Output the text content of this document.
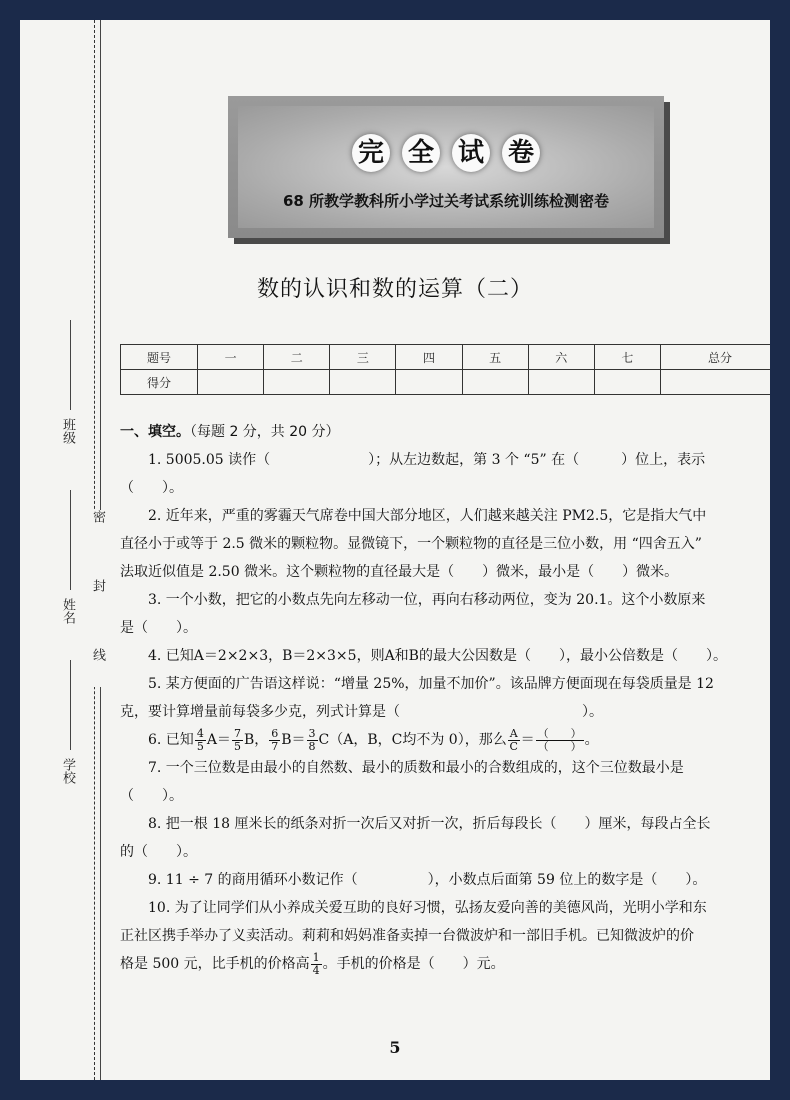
班级
姓名
学校
密 封 线
完 全 试 卷
68 所教学教科所小学过关考试系统训练检测密卷
数的认识和数的运算（二）
题号	一	二	三	四	五	六	七	总分
得分								
一、填空。（每题 2 分，共 20 分）
1. 5005.05 读作（　　　　　　　）；从左边数起，第 3 个 “5” 在（　　　）位上，表示
（　　）。
2. 近年来，严重的雾霾天气席卷中国大部分地区，人们越来越关注 PM2.5，它是指大气中
直径小于或等于 2.5 微米的颗粒物。显微镜下，一个颗粒物的直径是三位小数，用 “四舍五入”
法取近似值是 2.50 微米。这个颗粒物的直径最大是（　　）微米，最小是（　　）微米。
3. 一个小数，把它的小数点先向左移动一位，再向右移动两位，变为 20.1。这个小数原来
是（　　）。
4. 已知A＝2×2×3，B＝2×3×5，则A和B的最大公因数是（　　），最小公倍数是（　　）。
5. 某方便面的广告语这样说：“增量 25%，加量不加价”。该品牌方便面现在每袋质量是 12
克，要计算增量前每袋多少克，列式计算是（　　　　　　　　　　　　　）。
6. 已知 $\frac{4}{5} A= \frac{7}{5}$ B， $\frac{6}{7} B= \frac{3}{8} C(A$，B，C均不为 0），那么 $\frac{A}{C} = \frac{( )}{( )}$ 。
7. 一个三位数是由最小的自然数、最小的质数和最小的合数组成的，这个三位数最小是
（　　）。
8. 把一根 18 厘米长的纸条对折一次后又对折一次，折后每段长（　　）厘米，每段占全长
的（　　）。
9. 11 ÷ 7 的商用循环小数记作（　　　　　），小数点后面第 59 位上的数字是（　　）。
10. 为了让同学们从小养成关爱互助的良好习惯，弘扬友爱向善的美德风尚，光明小学和东
正社区携手举办了义卖活动。莉莉和妈妈准备卖掉一台微波炉和一部旧手机。已知微波炉的价
格是 500 元，比手机的价格高 $\frac{1}{4}$ 。手机的价格是（　　）元。
5
